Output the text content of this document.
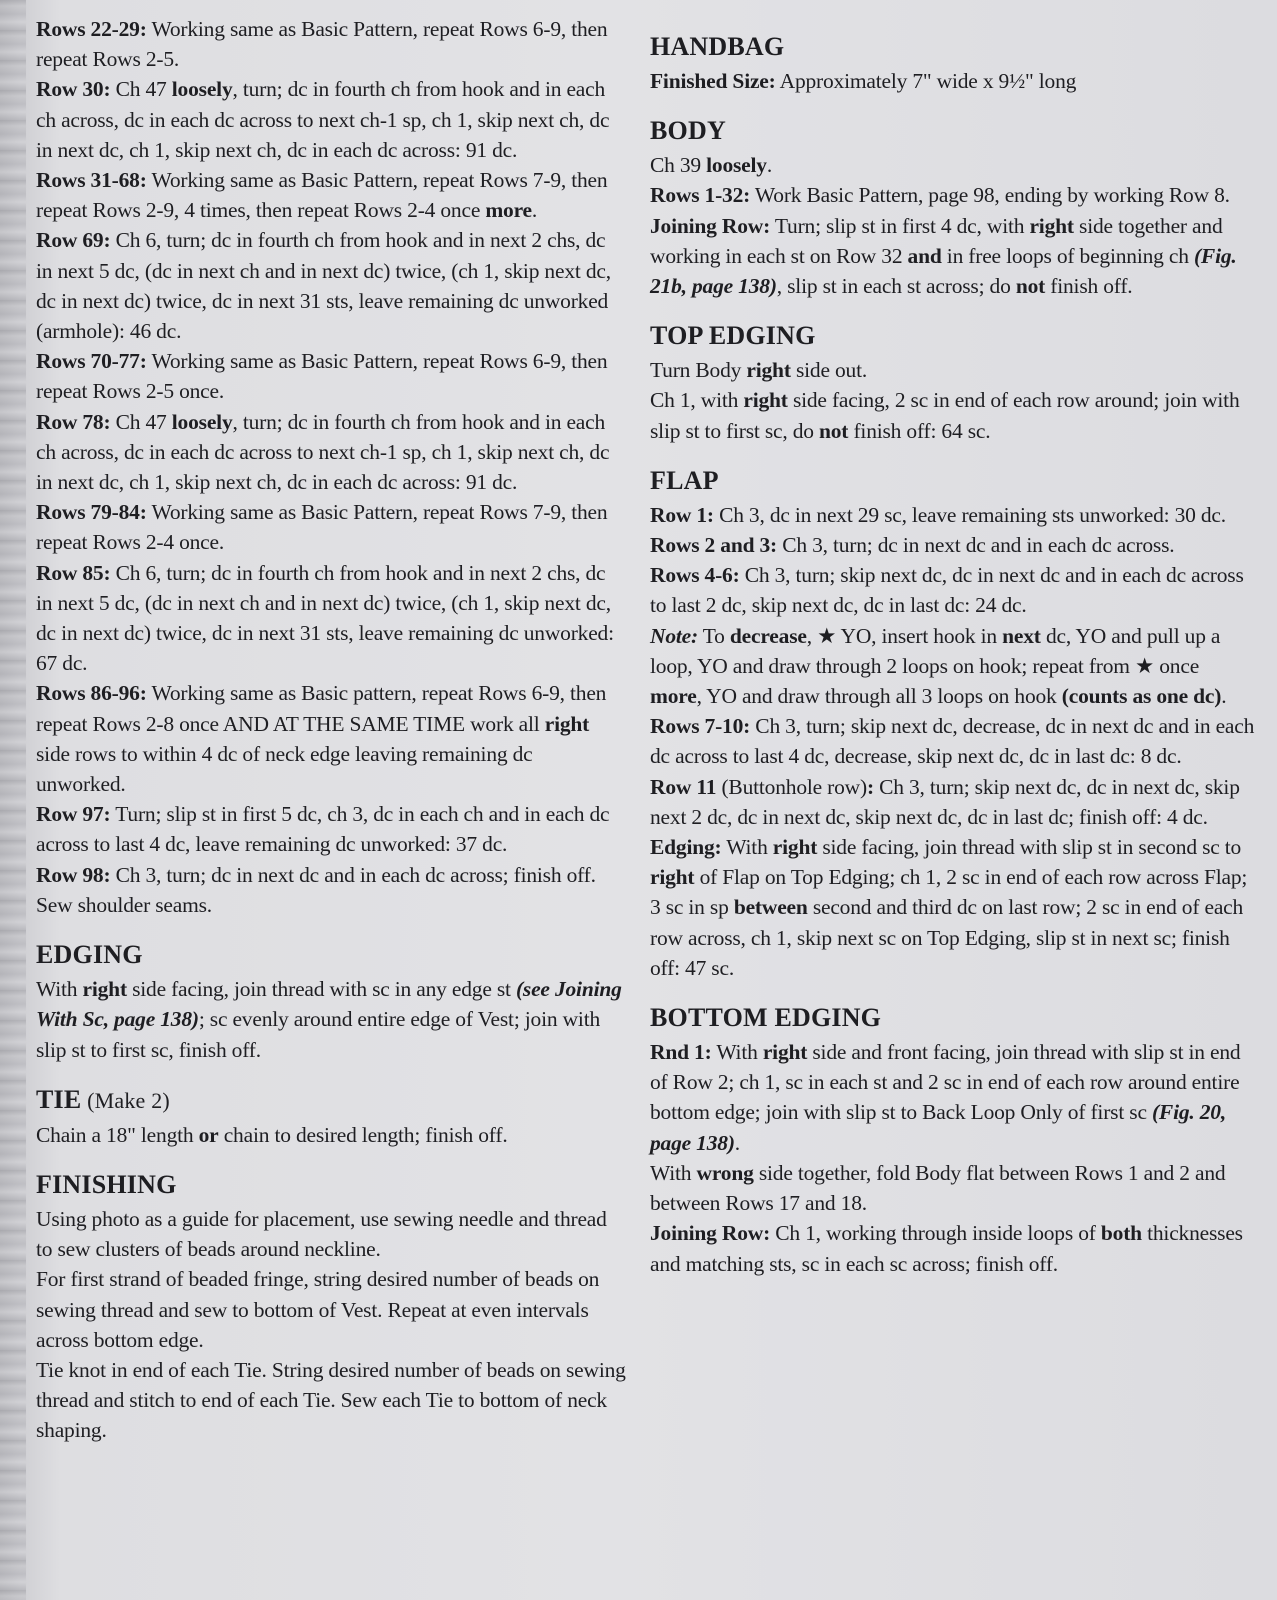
Rows 22-29: Working same as Basic Pattern, repeat Rows 6-9, then repeat Rows 2-5.

Row 30: Ch 47 loosely, turn; dc in fourth ch from hook and in each ch across, dc in each dc across to next ch-1 sp, ch 1, skip next ch, dc in next dc, ch 1, skip next ch, dc in each dc across: 91 dc.

Rows 31-68: Working same as Basic Pattern, repeat Rows 7-9, then repeat Rows 2-9, 4 times, then repeat Rows 2-4 once more.

Row 69: Ch 6, turn; dc in fourth ch from hook and in next 2 chs, dc in next 5 dc, (dc in next ch and in next dc) twice, (ch 1, skip next dc, dc in next dc) twice, dc in next 31 sts, leave remaining dc unworked (armhole): 46 dc.

Rows 70-77: Working same as Basic Pattern, repeat Rows 6-9, then repeat Rows 2-5 once.

Row 78: Ch 47 loosely, turn; dc in fourth ch from hook and in each ch across, dc in each dc across to next ch-1 sp, ch 1, skip next ch, dc in next dc, ch 1, skip next ch, dc in each dc across: 91 dc.

Rows 79-84: Working same as Basic Pattern, repeat Rows 7-9, then repeat Rows 2-4 once.

Row 85: Ch 6, turn; dc in fourth ch from hook and in next 2 chs, dc in next 5 dc, (dc in next ch and in next dc) twice, (ch 1, skip next dc, dc in next dc) twice, dc in next 31 sts, leave remaining dc unworked: 67 dc.

Rows 86-96: Working same as Basic pattern, repeat Rows 6-9, then repeat Rows 2-8 once AND AT THE SAME TIME work all right side rows to within 4 dc of neck edge leaving remaining dc unworked.

Row 97: Turn; slip st in first 5 dc, ch 3, dc in each ch and in each dc across to last 4 dc, leave remaining dc unworked: 37 dc.

Row 98: Ch 3, turn; dc in next dc and in each dc across; finish off.

Sew shoulder seams.

EDGING

With right side facing, join thread with sc in any edge st (see Joining With Sc, page 138); sc evenly around entire edge of Vest; join with slip st to first sc, finish off.

TIE (Make 2)

Chain a 18" length or chain to desired length; finish off.

FINISHING

Using photo as a guide for placement, use sewing needle and thread to sew clusters of beads around neckline.

For first strand of beaded fringe, string desired number of beads on sewing thread and sew to bottom of Vest. Repeat at even intervals across bottom edge.

Tie knot in end of each Tie. String desired number of beads on sewing thread and stitch to end of each Tie. Sew each Tie to bottom of neck shaping.

HANDBAG

Finished Size: Approximately 7" wide x 9½" long

BODY

Ch 39 loosely.

Rows 1-32: Work Basic Pattern, page 98, ending by working Row 8.

Joining Row: Turn; slip st in first 4 dc, with right side together and working in each st on Row 32 and in free loops of beginning ch (Fig. 21b, page 138), slip st in each st across; do not finish off.

TOP EDGING

Turn Body right side out.

Ch 1, with right side facing, 2 sc in end of each row around; join with slip st to first sc, do not finish off: 64 sc.

FLAP

Row 1: Ch 3, dc in next 29 sc, leave remaining sts unworked: 30 dc.

Rows 2 and 3: Ch 3, turn; dc in next dc and in each dc across.

Rows 4-6: Ch 3, turn; skip next dc, dc in next dc and in each dc across to last 2 dc, skip next dc, dc in last dc: 24 dc.

Note: To decrease, ★ YO, insert hook in next dc, YO and pull up a loop, YO and draw through 2 loops on hook; repeat from ★ once more, YO and draw through all 3 loops on hook (counts as one dc).

Rows 7-10: Ch 3, turn; skip next dc, decrease, dc in next dc and in each dc across to last 4 dc, decrease, skip next dc, dc in last dc: 8 dc.

Row 11 (Buttonhole row): Ch 3, turn; skip next dc, dc in next dc, skip next 2 dc, dc in next dc, skip next dc, dc in last dc; finish off: 4 dc.

Edging: With right side facing, join thread with slip st in second sc to right of Flap on Top Edging; ch 1, 2 sc in end of each row across Flap; 3 sc in sp between second and third dc on last row; 2 sc in end of each row across, ch 1, skip next sc on Top Edging, slip st in next sc; finish off: 47 sc.

BOTTOM EDGING

Rnd 1: With right side and front facing, join thread with slip st in end of Row 2; ch 1, sc in each st and 2 sc in end of each row around entire bottom edge; join with slip st to Back Loop Only of first sc (Fig. 20, page 138).

With wrong side together, fold Body flat between Rows 1 and 2 and between Rows 17 and 18.

Joining Row: Ch 1, working through inside loops of both thicknesses and matching sts, sc in each sc across; finish off.
